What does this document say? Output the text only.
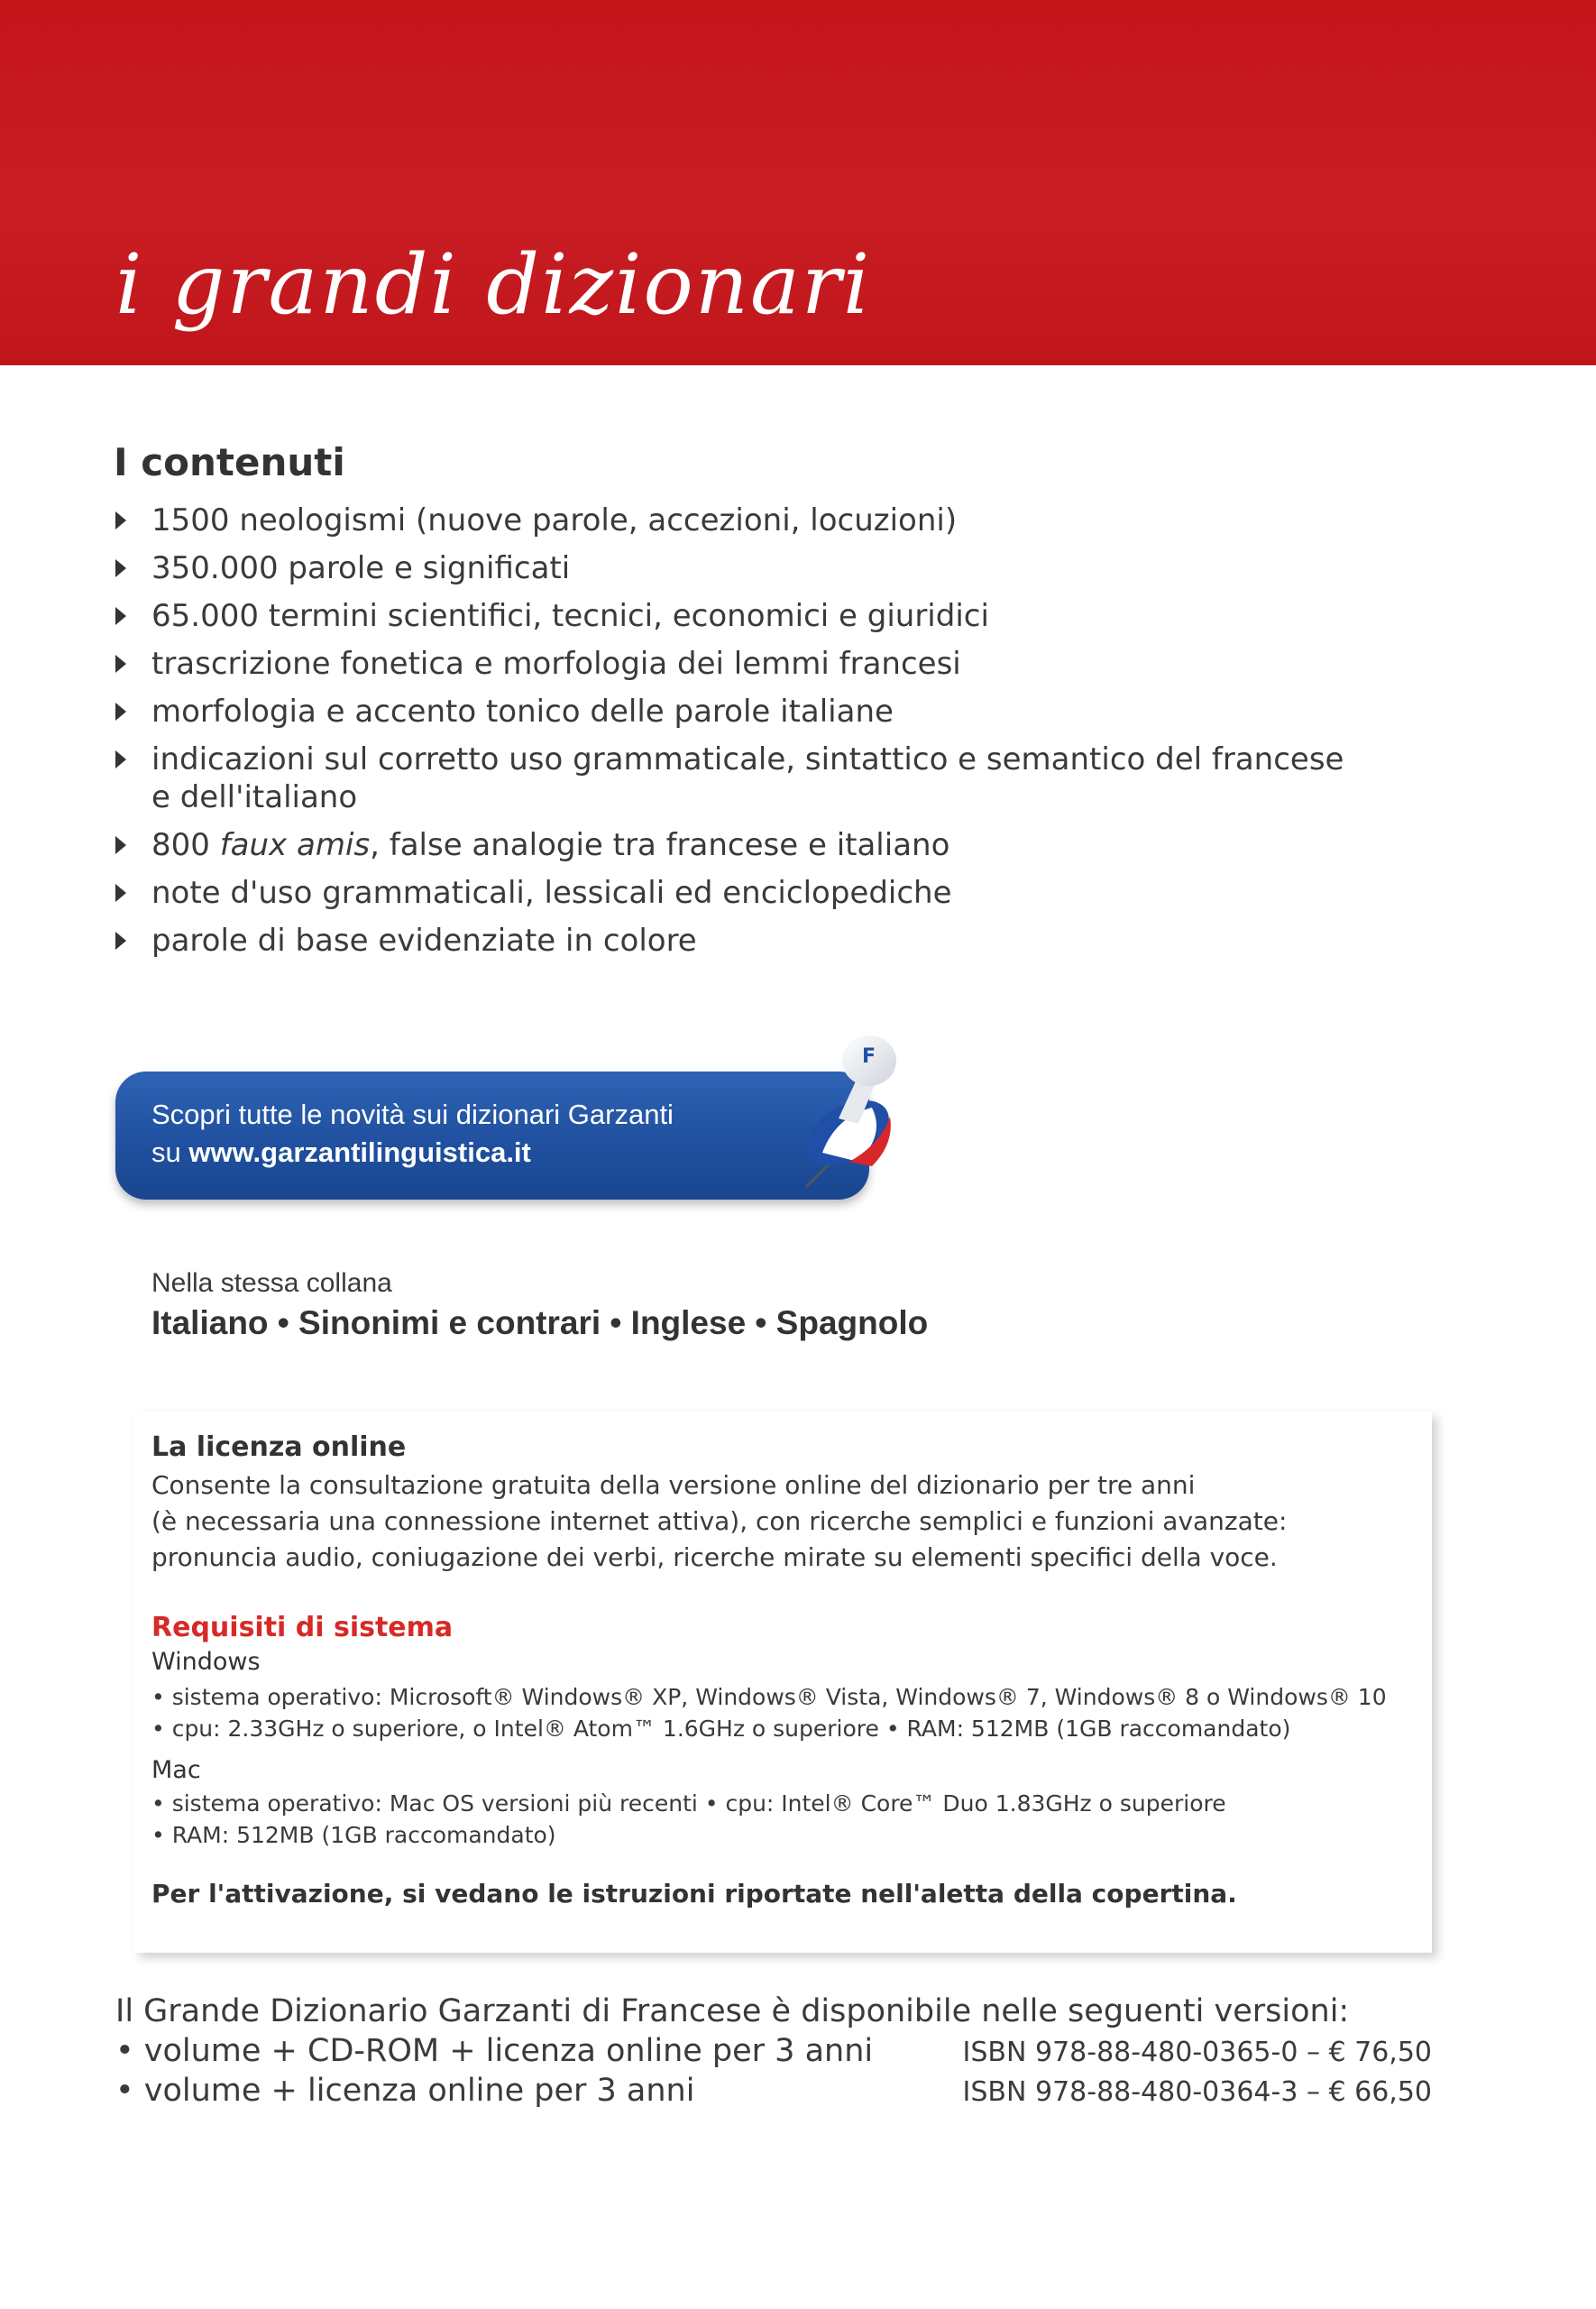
i grandi dizionari
I contenuti
1500 neologismi (nuove parole, accezioni, locuzioni)
350.000 parole e significati
65.000 termini scientifici, tecnici, economici e giuridici
trascrizione fonetica e morfologia dei lemmi francesi
morfologia e accento tonico delle parole italiane
indicazioni sul corretto uso grammaticale, sintattico e semantico del francese e dell'italiano
800 faux amis, false analogie tra francese e italiano
note d'uso grammaticali, lessicali ed enciclopediche
parole di base evidenziate in colore
Scopri tutte le novità sui dizionari Garzanti
su www.garzantilinguistica.it
F
Nella stessa collana
Italiano • Sinonimi e contrari • Inglese • Spagnolo
La licenza online
Consente la consultazione gratuita della versione online del dizionario per tre anni
(è necessaria una connessione internet attiva), con ricerche semplici e funzioni avanzate:
pronuncia audio, coniugazione dei verbi, ricerche mirate su elementi specifici della voce.
Requisiti di sistema
Windows
• sistema operativo: Microsoft® Windows® XP, Windows® Vista, Windows® 7, Windows® 8 o Windows® 10
• cpu: 2.33GHz o superiore, o Intel® Atom™ 1.6GHz o superiore • RAM: 512MB (1GB raccomandato)
Mac
• sistema operativo: Mac OS versioni più recenti • cpu: Intel® Core™ Duo 1.83GHz o superiore
• RAM: 512MB (1GB raccomandato)
Per l'attivazione, si vedano le istruzioni riportate nell'aletta della copertina.
Il Grande Dizionario Garzanti di Francese è disponibile nelle seguenti versioni:
• volume + CD-ROM + licenza online per 3 anni	ISBN 978-88-480-0365-0 – € 76,50
• volume + licenza online per 3 anni	ISBN 978-88-480-0364-3 – € 66,50
